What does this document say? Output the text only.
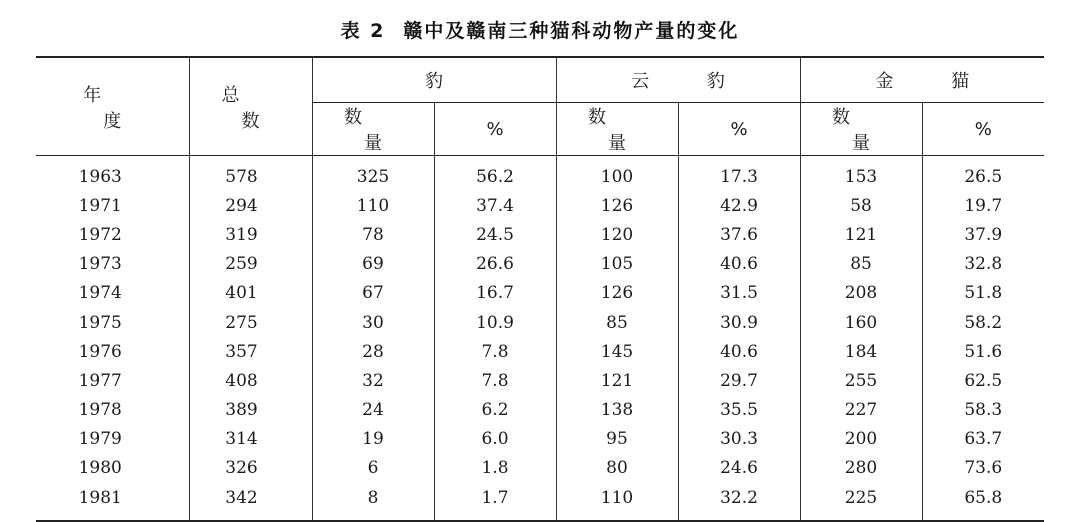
表 2 赣中及赣南三种猫科动物产量的变化
年 度	总 数	豹		云 豹		金 猫	
		数 量	%	数 量	%	数 量	%
1963	578	325	56.2	100	17.3	153	26.5
1971	294	110	37.4	126	42.9	58	19.7
1972	319	78	24.5	120	37.6	121	37.9
1973	259	69	26.6	105	40.6	85	32.8
1974	401	67	16.7	126	31.5	208	51.8
1975	275	30	10.9	85	30.9	160	58.2
1976	357	28	7.8	145	40.6	184	51.6
1977	408	32	7.8	121	29.7	255	62.5
1978	389	24	6.2	138	35.5	227	58.3
1979	314	19	6.0	95	30.3	200	63.7
1980	326	6	1.8	80	24.6	280	73.6
1981	342	8	1.7	110	32.2	225	65.8
